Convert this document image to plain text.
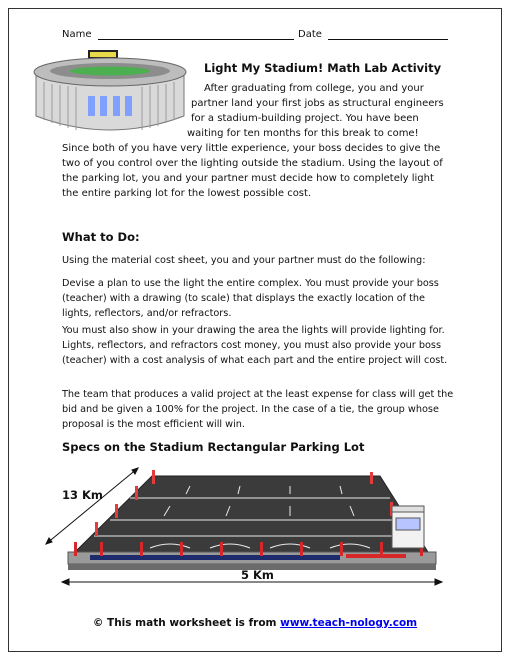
Name	Date
Light My Stadium! Math Lab Activity
After graduating from college, you and your
partner land your first jobs as structural engineers
for a stadium-building project. You have been
waiting for ten months for this break to come!
Since both of you have very little experience, your boss decides to give the
two of you control over the lighting outside the stadium. Using the layout of
the parking lot, you and your partner must decide how to completely light
the entire parking lot for the lowest possible cost.
What to Do:
Using the material cost sheet, you and your partner must do the following:
Devise a plan to use the light the entire complex. You must provide your boss (teacher) with a drawing (to scale) that displays the exactly location of the lights, reflectors, and/or refractors.
You must also show in your drawing the area the lights will provide lighting for. Lights, reflectors, and refractors cost money, you must also provide your boss (teacher) with a cost analysis of what each part and the entire project will cost.
The team that produces a valid project at the least expense for class will get the bid and be given a 100% for the project. In the case of a tie, the group whose proposal is the most efficient will win.
Specs on the Stadium Rectangular Parking Lot
13 Km
5 Km
© This math worksheet is from www.teach-nology.com
